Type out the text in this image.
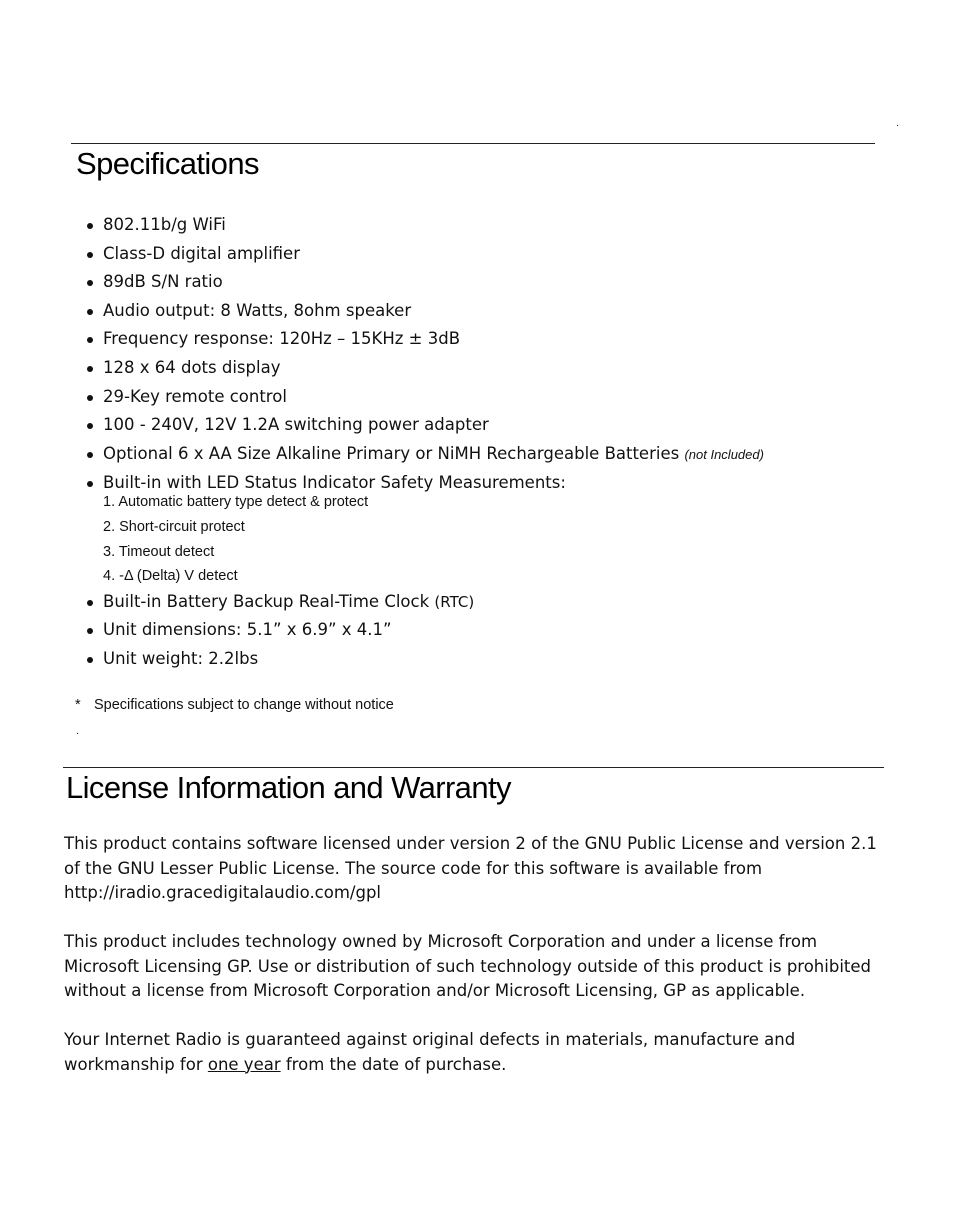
.
Specifications
802.11b/g WiFi
Class-D digital amplifier
89dB S/N ratio
Audio output: 8 Watts, 8ohm speaker
Frequency response: 120Hz – 15KHz ± 3dB
128 x 64 dots display
29-Key remote control
100 - 240V, 12V 1.2A switching power adapter
Optional 6 x AA Size Alkaline Primary or NiMH Rechargeable Batteries (not Included)
Built-in with LED Status Indicator Safety Measurements:
1. Automatic battery type detect & protect
2. Short-circuit protect
3. Timeout detect
4. -Δ (Delta) V detect
Built-in Battery Backup Real-Time Clock (RTC)
Unit dimensions: 5.1” x 6.9” x 4.1”
Unit weight: 2.2lbs
* Specifications subject to change without notice
.
License Information and Warranty

This product contains software licensed under version 2 of the GNU Public License and version 2.1 of the GNU Lesser Public License. The source code for this software is available from http://iradio.gracedigitalaudio.com/gpl

This product includes technology owned by Microsoft Corporation and under a license from Microsoft Licensing GP. Use or distribution of such technology outside of this product is prohibited without a license from Microsoft Corporation and/or Microsoft Licensing, GP as applicable.

Your Internet Radio is guaranteed against original defects in materials, manufacture and workmanship for one year from the date of purchase.
